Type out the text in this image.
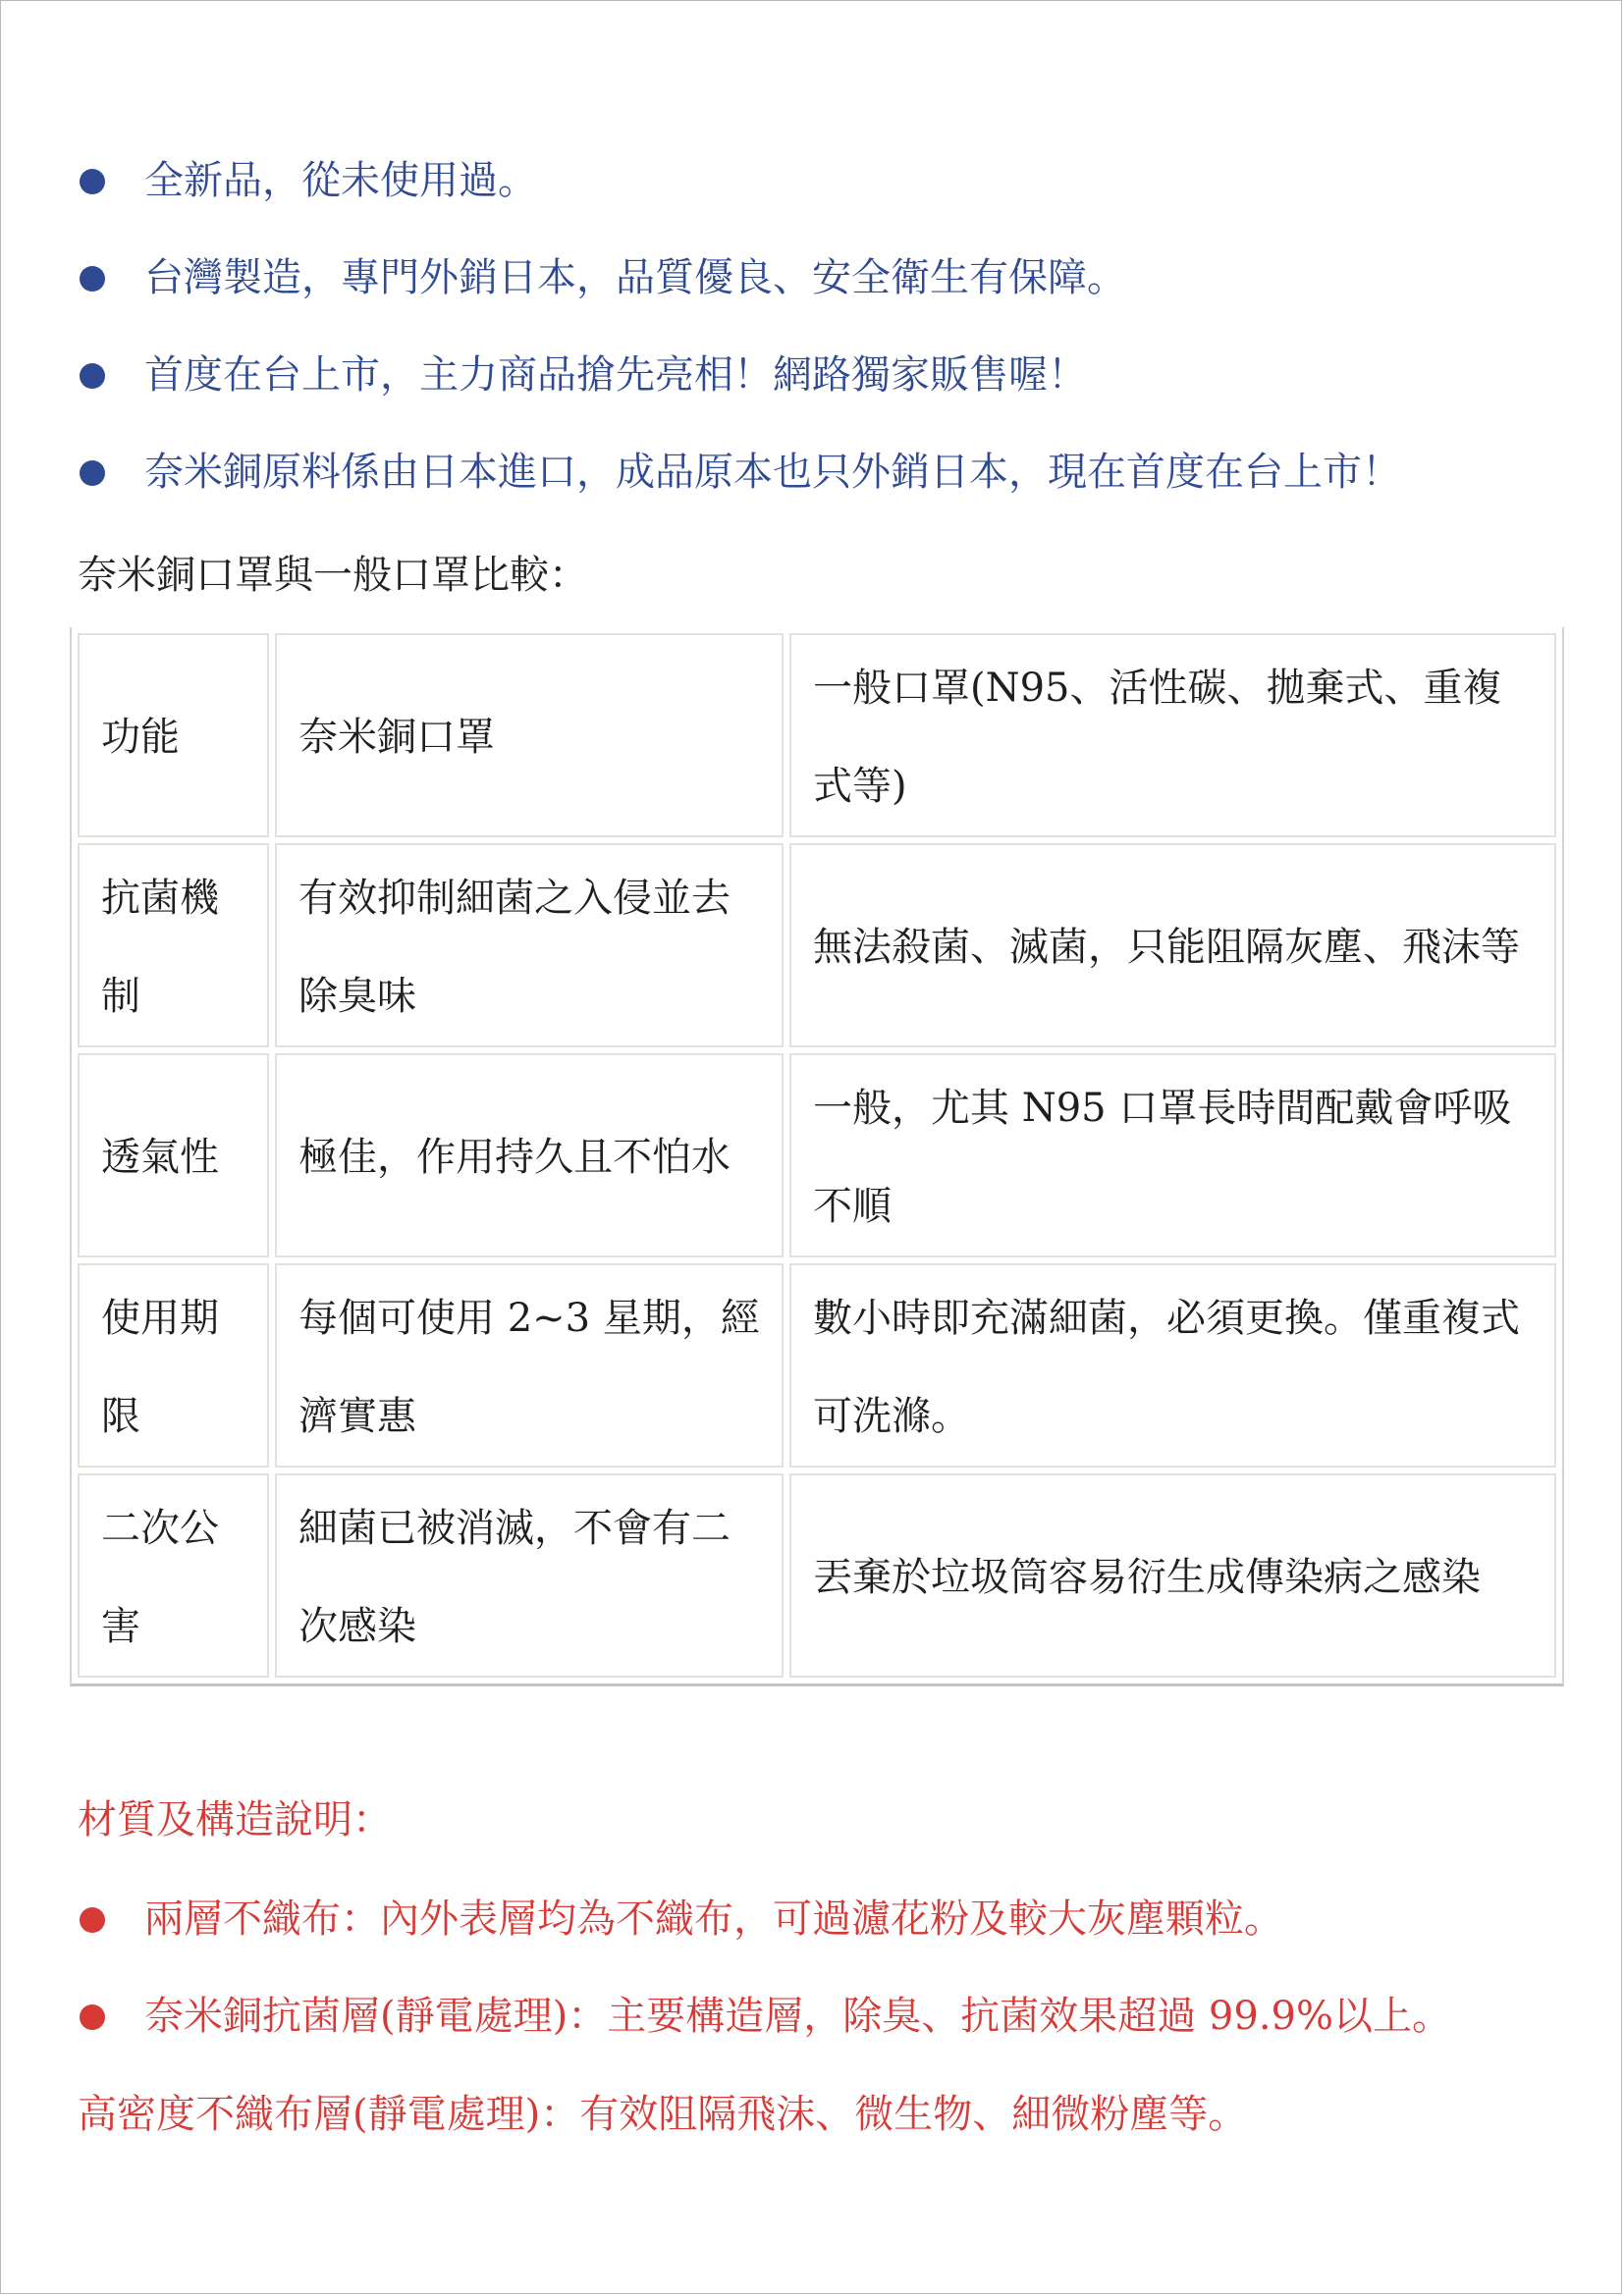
全新品，從未使用過。
台灣製造，專門外銷日本，品質優良、安全衛生有保障。
首度在台上市，主力商品搶先亮相！網路獨家販售喔！
奈米銅原料係由日本進口，成品原本也只外銷日本，現在首度在台上市！
奈米銅口罩與一般口罩比較：
功能	奈米銅口罩	一般口罩(N95、活性碳、拋棄式、重複式等)
抗菌機制	有效抑制細菌之入侵並去除臭味	無法殺菌、滅菌，只能阻隔灰塵、飛沫等
透氣性	極佳，作用持久且不怕水	一般，尤其 N95 口罩長時間配戴會呼吸不順
使用期限	每個可使用 2~3 星期，經濟實惠	數小時即充滿細菌，必須更換。僅重複式可洗滌。
二次公害	細菌已被消滅，不會有二次感染	丟棄於垃圾筒容易衍生成傳染病之感染
材質及構造說明：
兩層不織布：內外表層均為不織布，可過濾花粉及較大灰塵顆粒。
奈米銅抗菌層(靜電處理)：主要構造層，除臭、抗菌效果超過 99.9%以上。
高密度不織布層(靜電處理)：有效阻隔飛沫、微生物、細微粉塵等。
